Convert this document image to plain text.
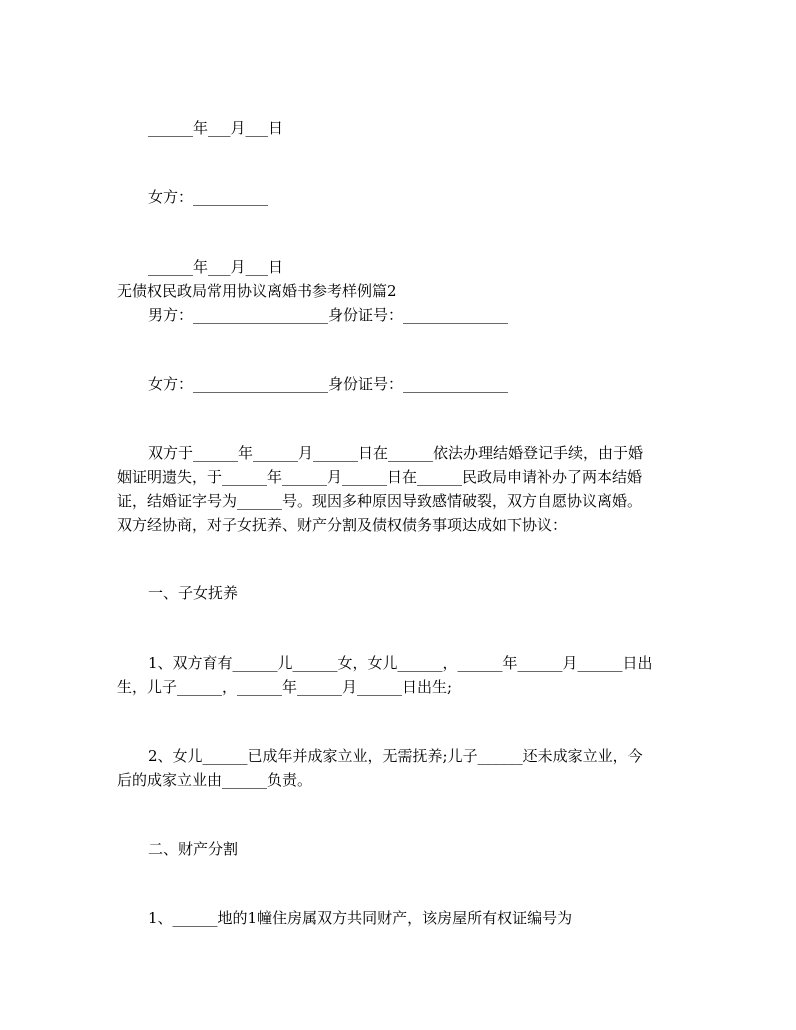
______年___月___日
女方：__________
______年___月___日
无债权民政局常用协议离婚书参考样例篇2
男方：__________________身份证号：______________
女方：__________________身份证号：______________
双方于______年______月______日在______依法办理结婚登记手续，由于婚
姻证明遗失，于______年______月______日在______民政局申请补办了两本结婚
证，结婚证字号为______号。现因多种原因导致感情破裂，双方自愿协议离婚。
双方经协商，对子女抚养、财产分割及债权债务事项达成如下协议：
一、子女抚养
1、双方育有______儿______女，女儿______，______年______月______日出
生，儿子______，______年______月______日出生;
2、女儿______已成年并成家立业，无需抚养;儿子______还未成家立业，今
后的成家立业由______负责。
二、财产分割
1、______地的1幢住房属双方共同财产，该房屋所有权证编号为
